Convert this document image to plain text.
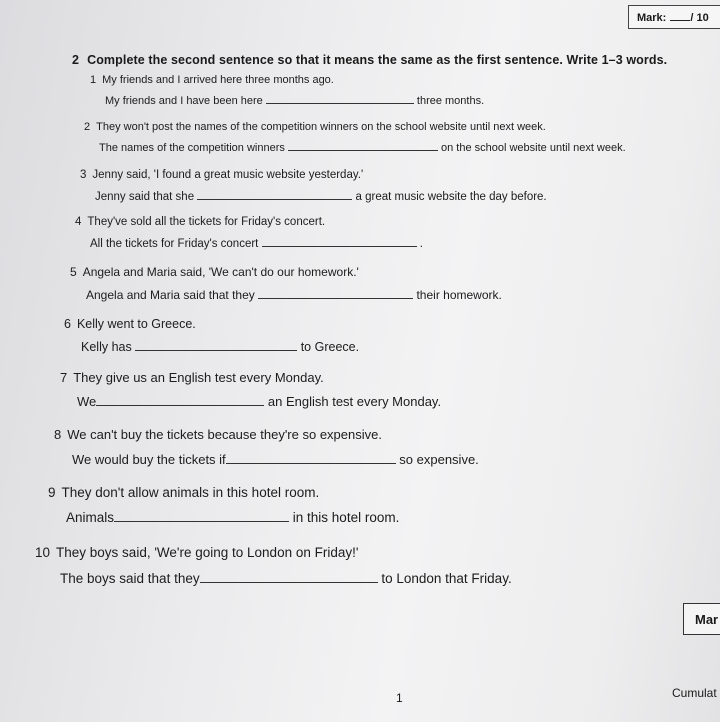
Mark: / 10
2 Complete the second sentence so that it means the same as the first sentence. Write 1–3 words.
1 My friends and I arrived here three months ago.
My friends and I have been here	three months.
2 They won't post the names of the competition winners on the school website until next week.
The names of the competition winners	on the school website until next week.
3 Jenny said, 'I found a great music website yesterday.'
Jenny said that she	a great music website the day before.
4 They've sold all the tickets for Friday's concert.
All the tickets for Friday's concert	.
5 Angela and Maria said, 'We can't do our homework.'
Angela and Maria said that they	their homework.
6 Kelly went to Greece.
Kelly has	to Greece.
7 They give us an English test every Monday.
We	an English test every Monday.
8 We can't buy the tickets because they're so expensive.
We would buy the tickets if	so expensive.
9 They don't allow animals in this hotel room.
Animals	in this hotel room.
10 They boys said, 'We're going to London on Friday!'
The boys said that they	to London that Friday.
Mar
1	Cumulat
